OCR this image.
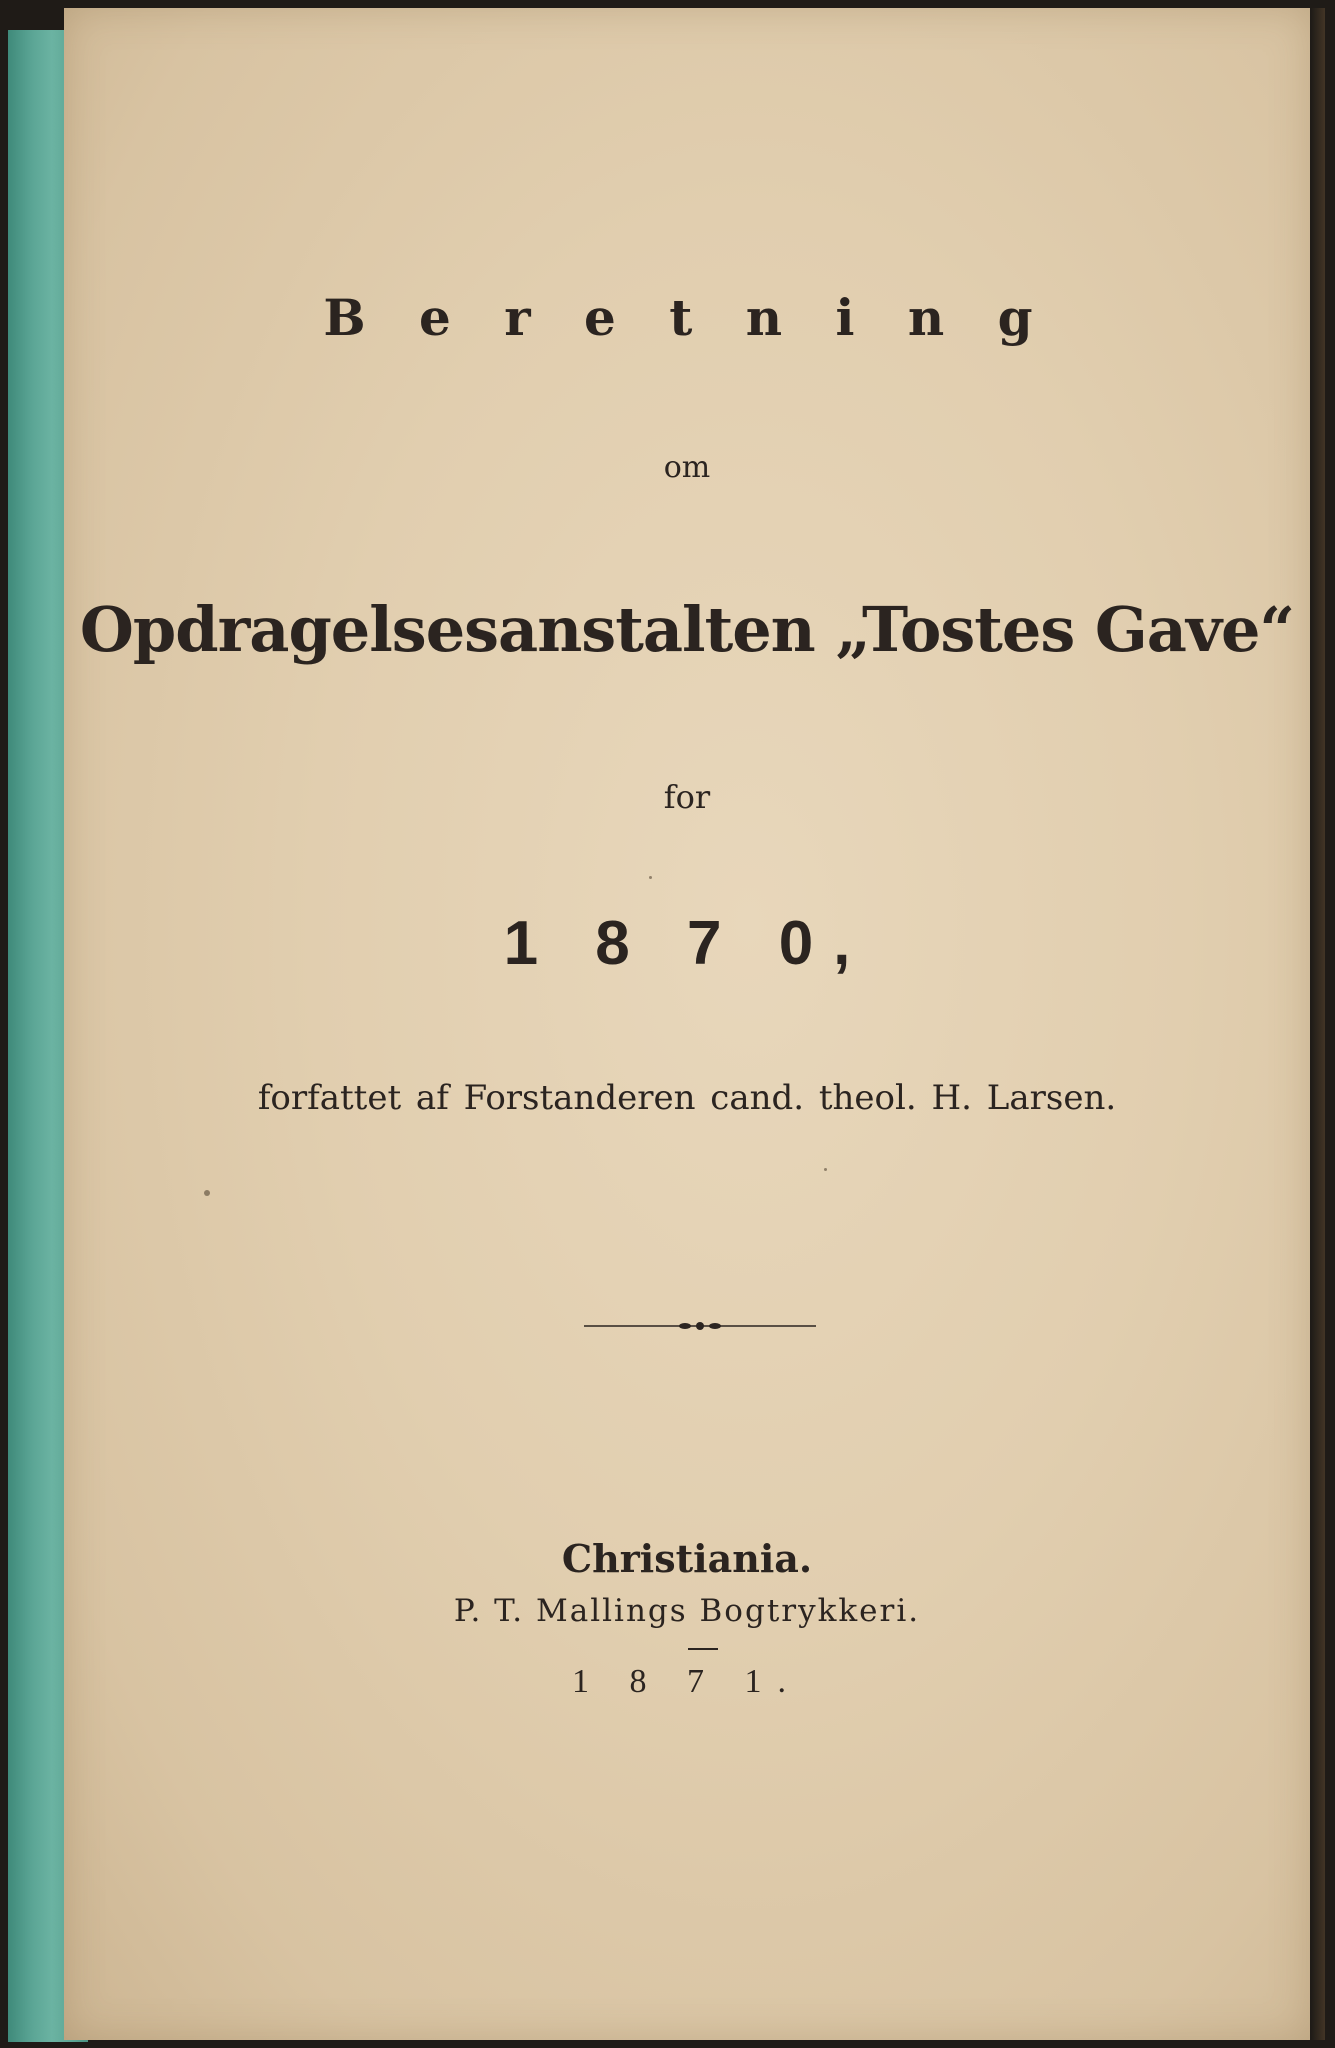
B e r e t n i n g
om
Opdragelsesanstalten „Tostes Gave“
for
1 8 7 0,
forfattet af Forstanderen cand. theol. H. Larsen.
Christiania.
P. T. Mallings Bogtrykkeri.
1 8 7 1.
